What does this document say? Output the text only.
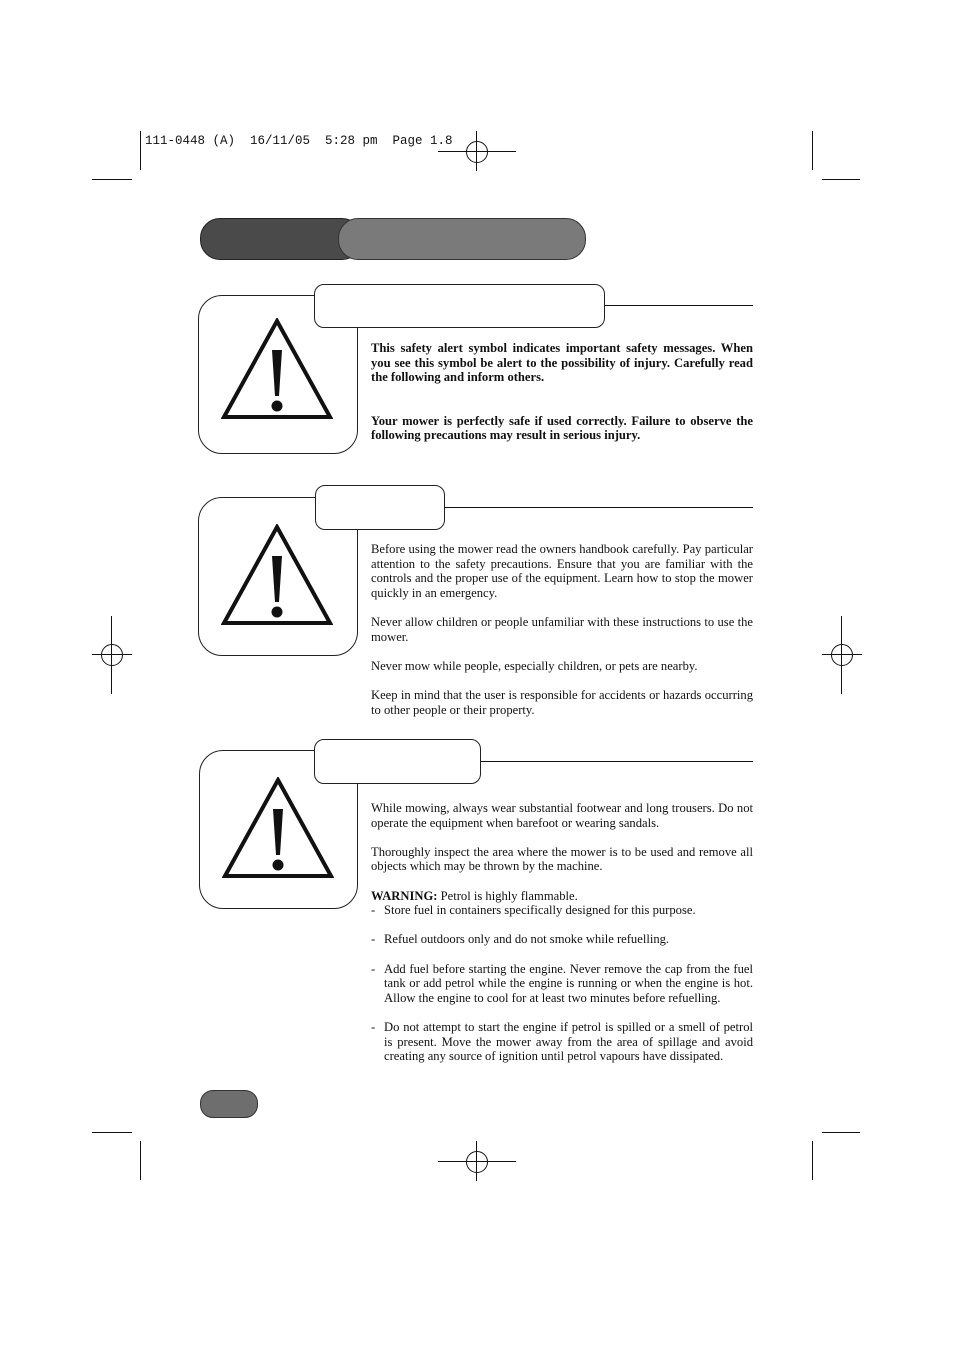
111-0448 (A)  16/11/05  5:28 pm  Page 1.8

This safety alert symbol indicates important safety messages. When you see this symbol be alert to the possibility of injury. Carefully read the following and inform others.

Your mower is perfectly safe if used correctly. Failure to observe the following precautions may result in serious injury.

Before using the mower read the owners handbook carefully. Pay particular attention to the safety precautions. Ensure that you are familiar with the controls and the proper use of the equipment. Learn how to stop the mower quickly in an emergency.

Never allow children or people unfamiliar with these instructions to use the mower.

Never mow while people, especially children, or pets are nearby.

Keep in mind that the user is responsible for accidents or hazards occurring to other people or their property.

While mowing, always wear substantial footwear and long trousers. Do not operate the equipment when barefoot or wearing sandals.

Thoroughly inspect the area where the mower is to be used and remove all objects which may be thrown by the machine.

WARNING: Petrol is highly flammable.
- Store fuel in containers specifically designed for this purpose.
- Refuel outdoors only and do not smoke while refuelling.
- Add fuel before starting the engine. Never remove the cap from the fuel tank or add petrol while the engine is running or when the engine is hot. Allow the engine to cool for at least two minutes before refuelling.
- Do not attempt to start the engine if petrol is spilled or a smell of petrol is present. Move the mower away from the area of spillage and avoid creating any source of ignition until petrol vapours have dissipated.
